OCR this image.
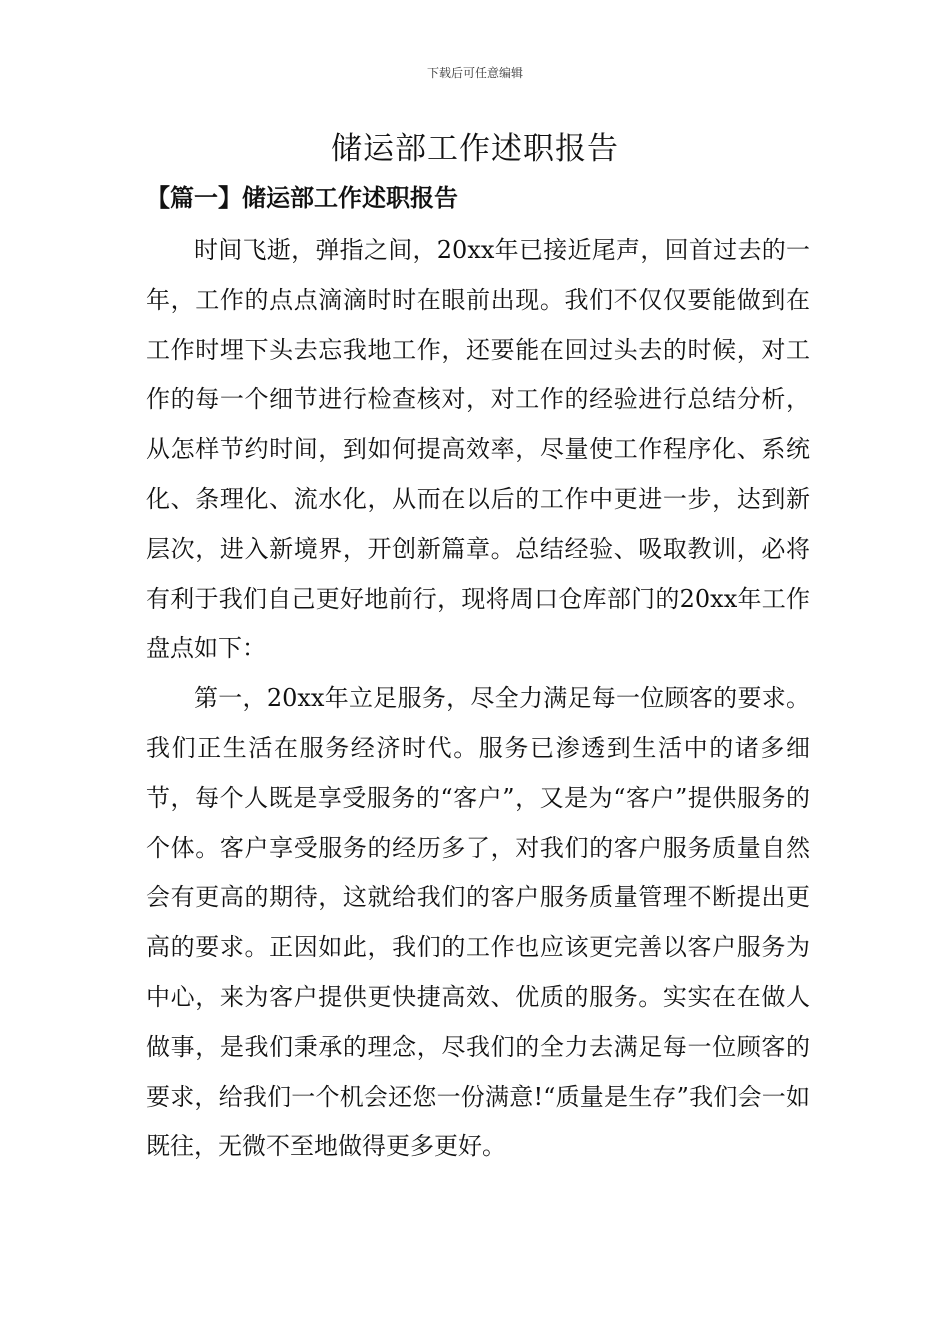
下载后可任意编辑
储运部工作述职报告
【篇一】储运部工作述职报告

时间飞逝，弹指之间，20xx年已接近尾声，回首过去的一年，工作的点点滴滴时时在眼前出现。我们不仅仅要能做到在工作时埋下头去忘我地工作，还要能在回过头去的时候，对工作的每一个细节进行检查核对，对工作的经验进行总结分析，从怎样节约时间，到如何提高效率，尽量使工作程序化、系统化、条理化、流水化，从而在以后的工作中更进一步，达到新层次，进入新境界，开创新篇章。总结经验、吸取教训，必将有利于我们自己更好地前行，现将周口仓库部门的20xx年工作盘点如下：

第一，20xx年立足服务，尽全力满足每一位顾客的要求。我们正生活在服务经济时代。服务已渗透到生活中的诸多细节，每个人既是享受服务的“客户”，又是为“客户”提供服务的个体。客户享受服务的经历多了，对我们的客户服务质量自然会有更高的期待，这就给我们的客户服务质量管理不断提出更高的要求。正因如此，我们的工作也应该更完善以客户服务为中心，来为客户提供更快捷高效、优质的服务。实实在在做人做事，是我们秉承的理念，尽我们的全力去满足每一位顾客的要求，给我们一个机会还您一份满意!“质量是生存”我们会一如既往，无微不至地做得更多更好。
